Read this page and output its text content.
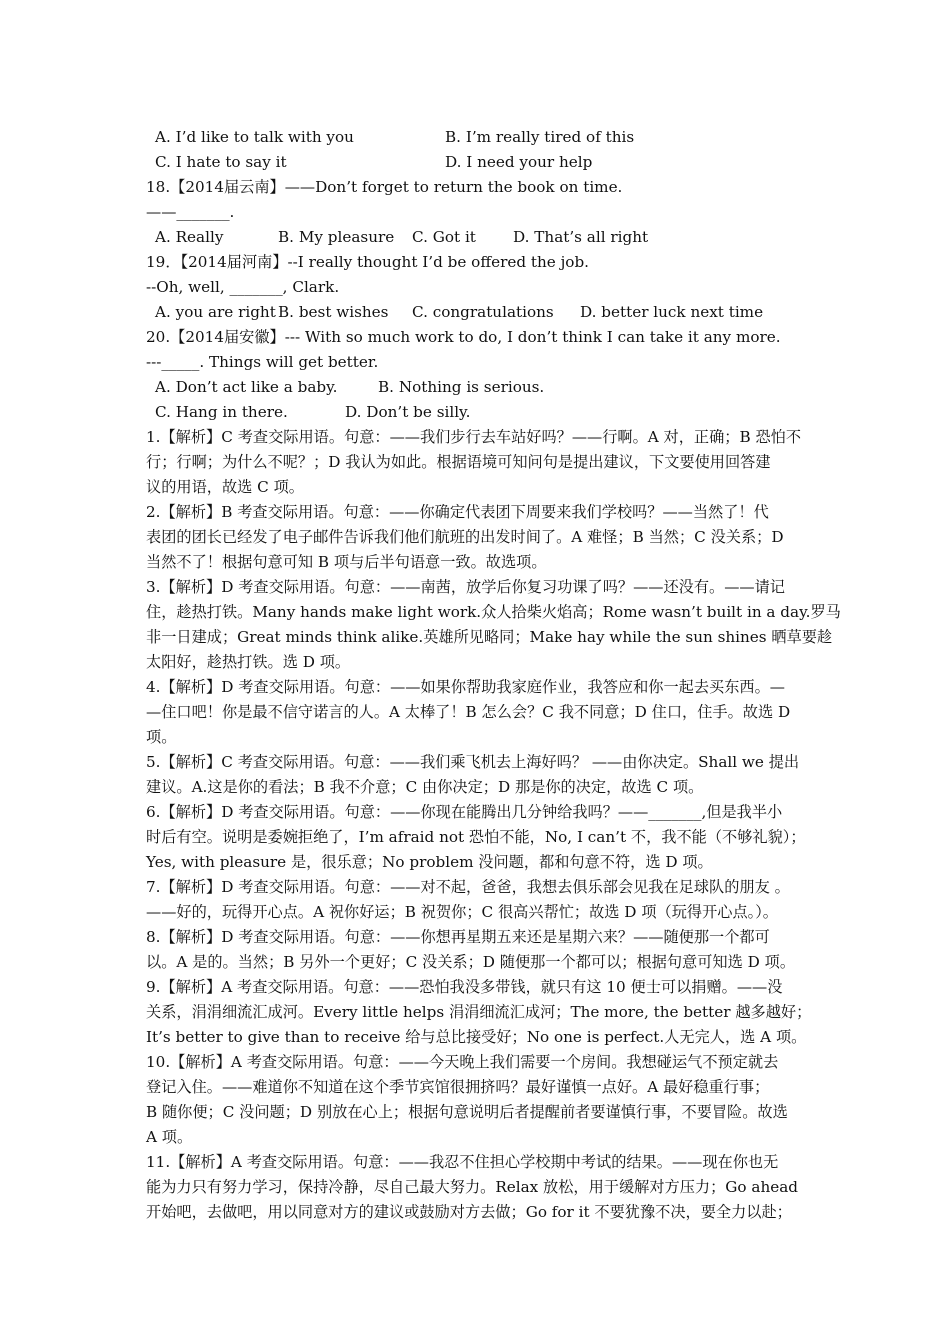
A. I’d like to talk with you	B. I’m really tired of this
C. I hate to say it	D. I need your help
18.【2014届云南】——Don’t forget to return the book on time.
——_______.
A. Really	B. My pleasure C. Got it D. That’s all right
19．【2014届河南】--I really thought I’d be offered the job.
--Oh, well, _______, Clark.
A. you are right B. best wishes C. congratulations D. better luck next time
20.【2014届安徽】--- With so much work to do, I don’t think I can take it any more.
---_____. Things will get better.
A. Don’t act like a baby.	B. Nothing is serious.
C. Hang in there.	D. Don’t be silly.
1.【解析】C 考查交际用语。句意：——我们步行去车站好吗？——行啊。A 对，正确；B 恐怕不
行；行啊；为什么不呢？；D 我认为如此。根据语境可知问句是提出建议，下文要使用回答建
议的用语，故选 C 项。
2.【解析】B 考查交际用语。句意：——你确定代表团下周要来我们学校吗？——当然了！代
表团的团长已经发了电子邮件告诉我们他们航班的出发时间了。A 难怪；B 当然；C 没关系；D
当然不了！根据句意可知 B 项与后半句语意一致。故选项。
3.【解析】D 考查交际用语。句意：——南茜，放学后你复习功课了吗？——还没有。——请记
住，趁热打铁。Many hands make light work.众人拾柴火焰高；Rome wasn’t built in a day.罗马
非一日建成；Great minds think alike.英雄所见略同；Make hay while the sun shines 晒草要趁
太阳好，趁热打铁。选 D 项。
4.【解析】D 考查交际用语。句意：——如果你帮助我家庭作业，我答应和你一起去买东西。—
—住口吧！你是最不信守诺言的人。A 太棒了！B 怎么会？C 我不同意；D 住口，住手。故选 D
项。
5.【解析】C 考查交际用语。句意：——我们乘飞机去上海好吗？ ——由你决定。Shall we 提出
建议。A.这是你的看法；B 我不介意；C 由你决定；D 那是你的决定，故选 C 项。
6.【解析】D 考查交际用语。句意：——你现在能腾出几分钟给我吗？——_______,但是我半小
时后有空。说明是委婉拒绝了，I’m afraid not 恐怕不能，No, I can’t 不，我不能（不够礼貌）；
Yes, with pleasure 是，很乐意；No problem 没问题，都和句意不符，选 D 项。
7.【解析】D 考查交际用语。句意：——对不起，爸爸，我想去俱乐部会见我在足球队的朋友 。
——好的，玩得开心点。A 祝你好运；B 祝贺你；C 很高兴帮忙；故选 D 项（玩得开心点。）。
8.【解析】D 考查交际用语。句意：——你想再星期五来还是星期六来？——随便那一个都可
以。A 是的。当然；B 另外一个更好；C 没关系；D 随便那一个都可以；根据句意可知选 D 项。
9.【解析】A 考查交际用语。句意：——恐怕我没多带钱，就只有这 10 便士可以捐赠。——没
关系，涓涓细流汇成河。Every little helps 涓涓细流汇成河；The more, the better 越多越好；
It’s better to give than to receive 给与总比接受好；No one is perfect.人无完人，选 A 项。
10.【解析】A 考查交际用语。句意：——今天晚上我们需要一个房间。我想碰运气不预定就去
登记入住。——难道你不知道在这个季节宾馆很拥挤吗？最好谨慎一点好。A 最好稳重行事；
B 随你便；C 没问题；D 别放在心上；根据句意说明后者提醒前者要谨慎行事，不要冒险。故选
A 项。
11.【解析】A 考查交际用语。句意：——我忍不住担心学校期中考试的结果。——现在你也无
能为力只有努力学习，保持冷静，尽自己最大努力。Relax 放松，用于缓解对方压力；Go ahead
开始吧，去做吧，用以同意对方的建议或鼓励对方去做；Go for it 不要犹豫不决，要全力以赴；
